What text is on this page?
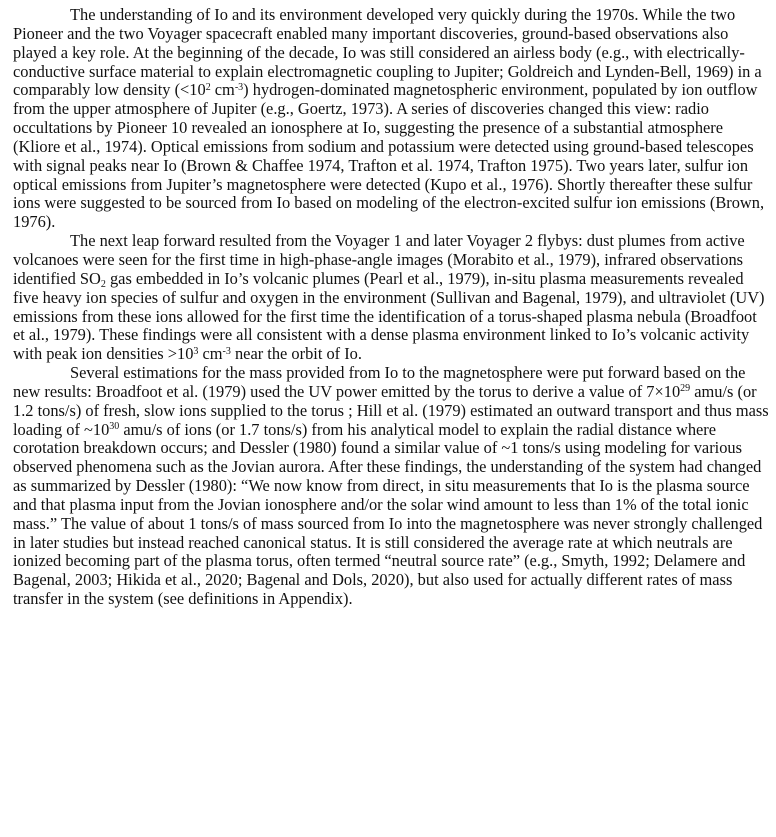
The understanding of Io and its environment developed very quickly during the 1970s. While the two Pioneer and the two Voyager spacecraft enabled many important discoveries, ground-based observations also played a key role. At the beginning of the decade, Io was still considered an airless body (e.g., with electrically-conductive surface material to explain electromagnetic coupling to Jupiter; Goldreich and Lynden-Bell, 1969) in a comparably low density ($<10^2$ $cm^{-3}$) hydrogen-dominated magnetospheric environment, populated by ion outflow from the upper atmosphere of Jupiter (e.g., Goertz, 1973). A series of discoveries changed this view: radio occultations by Pioneer 10 revealed an ionosphere at Io, suggesting the presence of a substantial atmosphere (Kliore et al., 1974). Optical emissions from sodium and potassium were detected using ground-based telescopes with signal peaks near Io (Brown & Chaffee 1974, Trafton et al. 1974, Trafton 1975). Two years later, sulfur ion optical emissions from Jupiter’s magnetosphere were detected (Kupo et al., 1976). Shortly thereafter these sulfur ions were suggested to be sourced from Io based on modeling of the electron-excited sulfur ion emissions (Brown, 1976).

The next leap forward resulted from the Voyager 1 and later Voyager 2 flybys: dust plumes from active volcanoes were seen for the first time in high-phase-angle images (Morabito et al., 1979), infrared observations identified $SO_2$ gas embedded in Io’s volcanic plumes (Pearl et al., 1979), in-situ plasma measurements revealed five heavy ion species of sulfur and oxygen in the environment (Sullivan and Bagenal, 1979), and ultraviolet (UV) emissions from these ions allowed for the first time the identification of a torus-shaped plasma nebula (Broadfoot et al., 1979). These findings were all consistent with a dense plasma environment linked to Io’s volcanic activity with peak ion densities $>10^3$ $cm^{-3}$ near the orbit of Io.

Several estimations for the mass provided from Io to the magnetosphere were put forward based on the new results: Broadfoot et al. (1979) used the UV power emitted by the torus to derive a value of $7\times 10^{29}$ amu/s (or 1.2 tons/s) of fresh, slow ions supplied to the torus ; Hill et al. (1979) estimated an outward transport and thus mass loading of $\sim 10^{30}$ amu/s of ions (or 1.7 tons/s) from his analytical model to explain the radial distance where corotation breakdown occurs; and Dessler (1980) found a similar value of ~1 tons/s using modeling for various observed phenomena such as the Jovian aurora. After these findings, the understanding of the system had changed as summarized by Dessler (1980): “We now know from direct, in situ measurements that Io is the plasma source and that plasma input from the Jovian ionosphere and/or the solar wind amount to less than 1% of the total ionic mass.” The value of about 1 tons/s of mass sourced from Io into the magnetosphere was never strongly challenged in later studies but instead reached canonical status. It is still considered the average rate at which neutrals are ionized becoming part of the plasma torus, often termed “neutral source rate” (e.g., Smyth, 1992; Delamere and Bagenal, 2003; Hikida et al., 2020; Bagenal and Dols, 2020), but also used for actually different rates of mass transfer in the system (see definitions in Appendix).
